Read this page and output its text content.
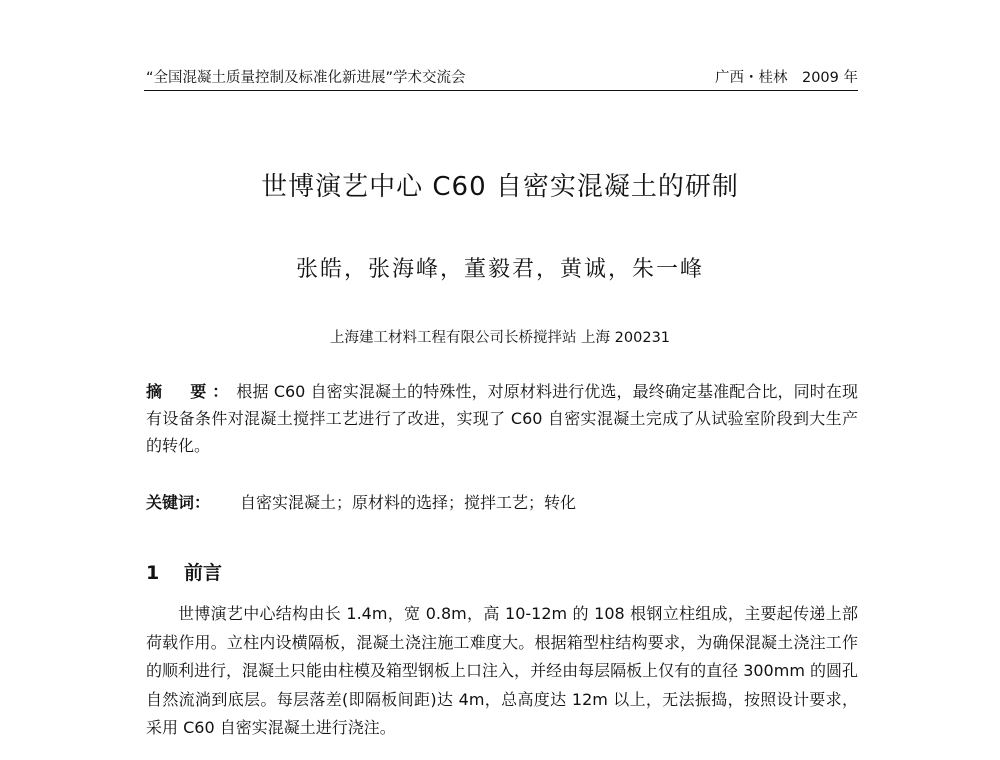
“全国混凝土质量控制及标准化新进展”学术交流会	广西・桂林　2009 年
世博演艺中心 C60 自密实混凝土的研制
张皓，张海峰，董毅君，黄诚，朱一峰
上海建工材料工程有限公司长桥搅拌站 上海 200231
摘　要： 根据 C60 自密实混凝土的特殊性，对原材料进行优选，最终确定基准配合比，同时在现有设备条件对混凝土搅拌工艺进行了改进，实现了 C60 自密实混凝土完成了从试验室阶段到大生产的转化。
关键词： 自密实混凝土；原材料的选择；搅拌工艺；转化
1 前言
世博演艺中心结构由长 1.4m，宽 0.8m，高 10-12m 的 108 根钢立柱组成，主要起传递上部荷载作用。立柱内设横隔板，混凝土浇注施工难度大。根据箱型柱结构要求，为确保混凝土浇注工作的顺利进行，混凝土只能由柱模及箱型钢板上口注入，并经由每层隔板上仅有的直径 300mm 的圆孔自然流淌到底层。每层落差(即隔板间距)达 4m，总高度达 12m 以上，无法振捣，按照设计要求，采用 C60 自密实混凝土进行浇注。
